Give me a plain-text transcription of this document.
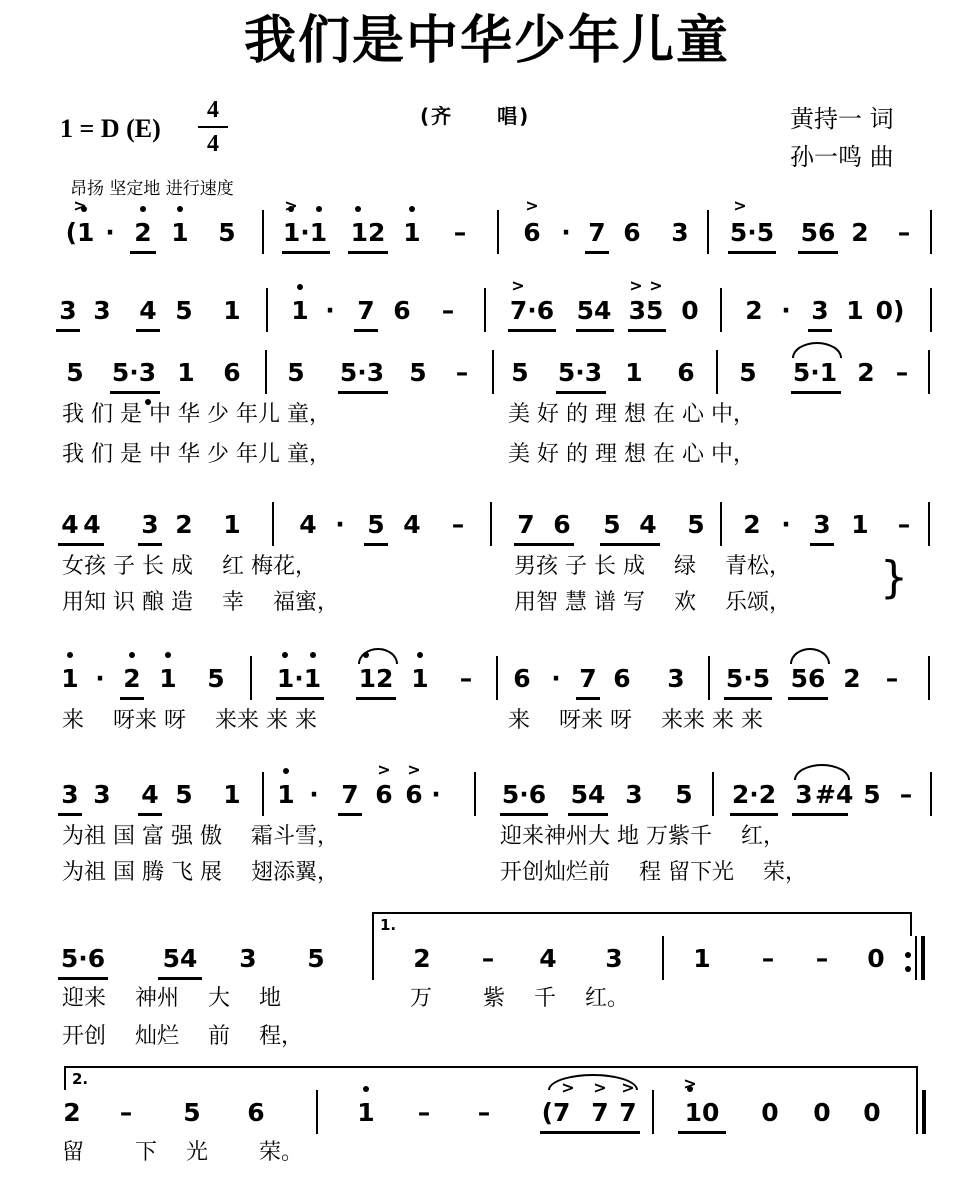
我们是中华少年儿童
1 = D (E)
4
4
(齐　　唱)	黄持一 词
孙一鸣 曲
昂扬 坚定地 进行速度
(1 · 2 1 5 1·1 12 1	–	6 · 7 6 3 5·5 56 2	–
>	>	>	>
3 3 4 5 1 1 · 7 6	–	7·6 54 35 0 2 · 3 1 0)
>	> >
5 5·3 1 6 5 5·3 5	–	5 5·3 1 6 5 5·1 2 –
我 们 是 中 华 少 年儿 童，	美 好 的 理 想 在 心 中，
我 们 是 中 华 少 年儿 童，	美 好 的 理 想 在 心 中，
4 4 3 2 1 4 · 5 4	–	7 6 5 4 5 2 · 3 1	–
女孩 子 长 成　 红 梅花，	男孩 子 长 成　 绿　 青松，
用知 识 酿 造　 幸　 福蜜，	用智 慧 谱 写　 欢　 乐颂， }
1 · 2 1 5 1·1 12 1	–	6 · 7 6 3 5·5 56 2	–
来　 呀来 呀　 来来 来 来	来　 呀来 呀　 来来 来 来
3 3 4 5 1 1 · 7 6 6 ·	5·6 54 3 5 2·2 3 #4 5 –
> >
为祖 国 富 强 傲　 霜斗雪，	迎来神州大 地 万紫千　 红，
为祖 国 腾 飞 展　 翅添翼，	开创灿烂前　 程 留下光　 荣，
1.
5·6 54 3 5	2	–	4 3	1	–	–	0
迎来　 神州　 大　 地	万　　 紫　 千　 红。
开创　 灿烂　 前　 程，
2.
2	–	5 6	1	–	–	(7 7 7 10 0 0 0
> > >	>
留　　 下　 光　　 荣。
